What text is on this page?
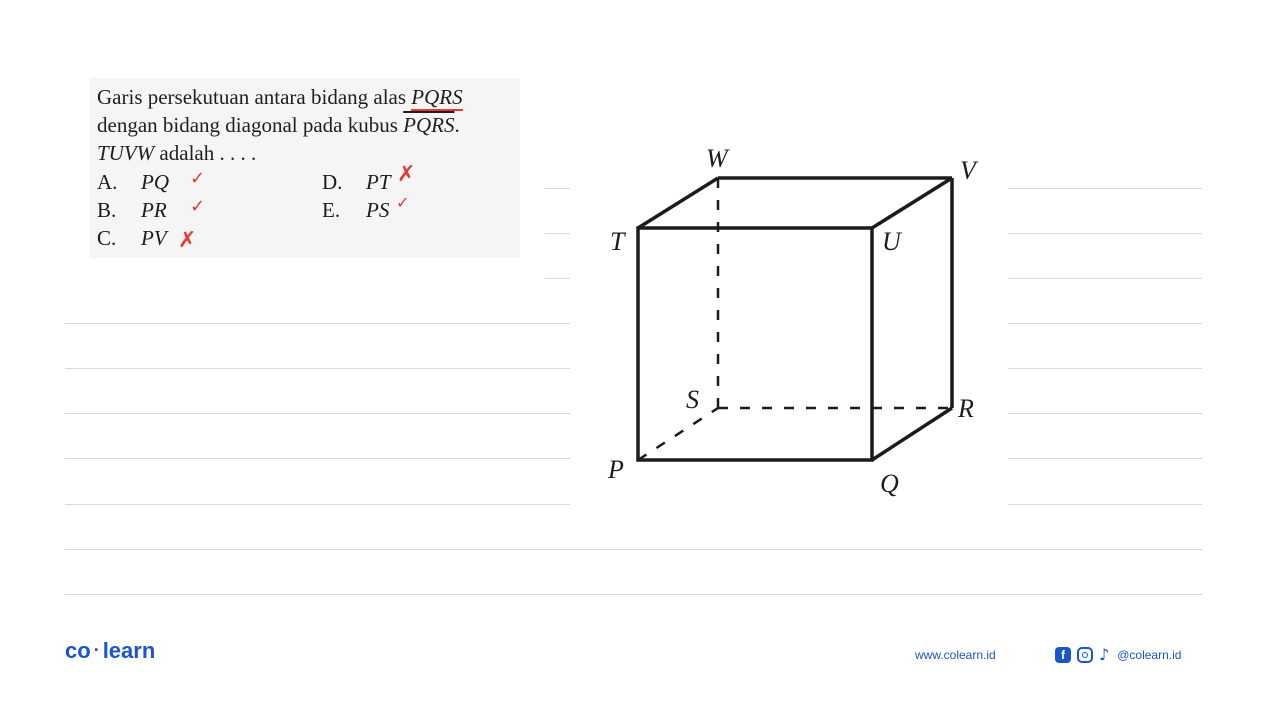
Garis persekutuan antara bidang alas PQRS
dengan bidang diagonal pada kubus PQRS.
TUVW adalah . . . .
A. PQ ✓
B. PR ✓
C. PV ✗
D. PT ✗
E. PS ✓
W	V
T	U
S	R
P	Q
co · learn	www.colearn.id	f	♪ @colearn.id
